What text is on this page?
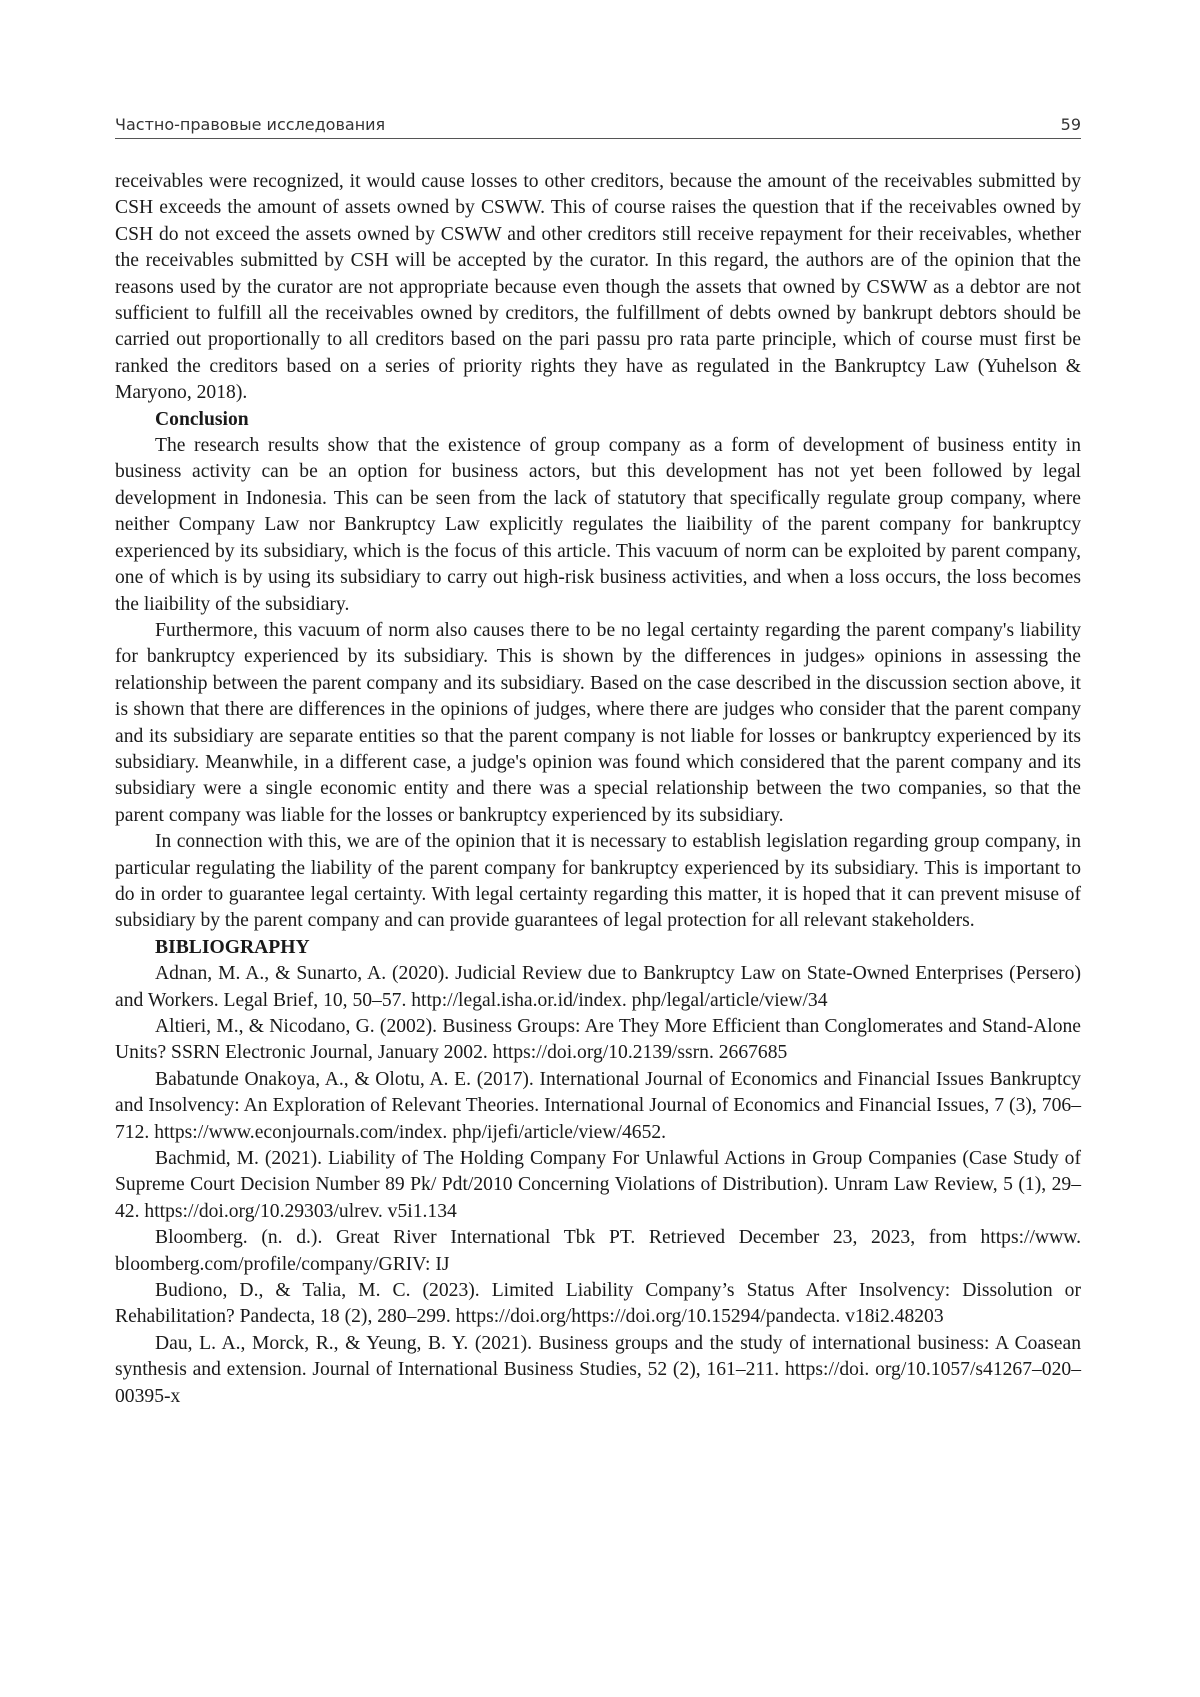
Частно-правовые исследования	59

receivables were recognized, it would cause losses to other creditors, because the amount of the receivables submitted by CSH exceeds the amount of assets owned by CSWW. This of course raises the question that if the receivables owned by CSH do not exceed the assets owned by CSWW and other creditors still receive repayment for their receivables, whether the receivables submitted by CSH will be accepted by the curator. In this regard, the authors are of the opinion that the reasons used by the curator are not appropriate because even though the assets that owned by CSWW as a debtor are not sufficient to fulfill all the receivables owned by creditors, the fulfillment of debts owned by bankrupt debtors should be carried out proportionally to all creditors based on the pari passu pro rata parte principle, which of course must first be ranked the creditors based on a series of priority rights they have as regulated in the Bankruptcy Law (Yuhelson & Maryono, 2018).

Conclusion

The research results show that the existence of group company as a form of development of business entity in business activity can be an option for business actors, but this development has not yet been followed by legal development in Indonesia. This can be seen from the lack of statutory that specifically regulate group company, where neither Company Law nor Bankruptcy Law explicitly regulates the liaibility of the parent company for bankruptcy experienced by its subsidiary, which is the focus of this article. This vacuum of norm can be exploited by parent company, one of which is by using its subsidiary to carry out high-risk business activities, and when a loss occurs, the loss becomes the liaibility of the subsidiary.

Furthermore, this vacuum of norm also causes there to be no legal certainty regarding the parent company's liability for bankruptcy experienced by its subsidiary. This is shown by the differences in judges» opinions in assessing the relationship between the parent company and its subsidiary. Based on the case described in the discussion section above, it is shown that there are differences in the opinions of judges, where there are judges who consider that the parent company and its subsidiary are separate entities so that the parent company is not liable for losses or bankruptcy experienced by its subsidiary. Meanwhile, in a different case, a judge's opinion was found which considered that the parent company and its subsidiary were a single economic entity and there was a special relationship between the two companies, so that the parent company was liable for the losses or bankruptcy experienced by its subsidiary.

In connection with this, we are of the opinion that it is necessary to establish legislation regarding group company, in particular regulating the liability of the parent company for bankruptcy experienced by its subsidiary. This is important to do in order to guarantee legal certainty. With legal certainty regarding this matter, it is hoped that it can prevent misuse of subsidiary by the parent company and can provide guarantees of legal protection for all relevant stakeholders.

BIBLIOGRAPHY

Adnan, M. A., & Sunarto, A. (2020). Judicial Review due to Bankruptcy Law on State-Owned Enterprises (Persero) and Workers. Legal Brief, 10, 50–57. http://legal.isha.or.id/index. php/legal/article/view/34

Altieri, M., & Nicodano, G. (2002). Business Groups: Are They More Efficient than Conglomerates and Stand-Alone Units? SSRN Electronic Journal, January 2002. https://doi.org/10.2139/ssrn. 2667685

Babatunde Onakoya, A., & Olotu, A. E. (2017). International Journal of Economics and Financial Issues Bankruptcy and Insolvency: An Exploration of Relevant Theories. International Journal of Economics and Financial Issues, 7 (3), 706–712. https://www.econjournals.com/index. php/ijefi/article/view/4652.

Bachmid, M. (2021). Liability of The Holding Company For Unlawful Actions in Group Companies (Case Study of Supreme Court Decision Number 89 Pk/ Pdt/2010 Concerning Violations of Distribution). Unram Law Review, 5 (1), 29–42. https://doi.org/10.29303/ulrev. v5i1.134

Bloomberg. (n. d.). Great River International Tbk PT. Retrieved December 23, 2023, from https://www. bloomberg.com/profile/company/GRIV: IJ

Budiono, D., & Talia, M. C. (2023). Limited Liability Company’s Status After Insolvency: Dissolution or Rehabilitation? Pandecta, 18 (2), 280–299. https://doi.org/https://doi.org/10.15294/pandecta. v18i2.48203

Dau, L. A., Morck, R., & Yeung, B. Y. (2021). Business groups and the study of international business: A Coasean synthesis and extension. Journal of International Business Studies, 52 (2), 161–211. https://doi. org/10.1057/s41267–020–00395-x
